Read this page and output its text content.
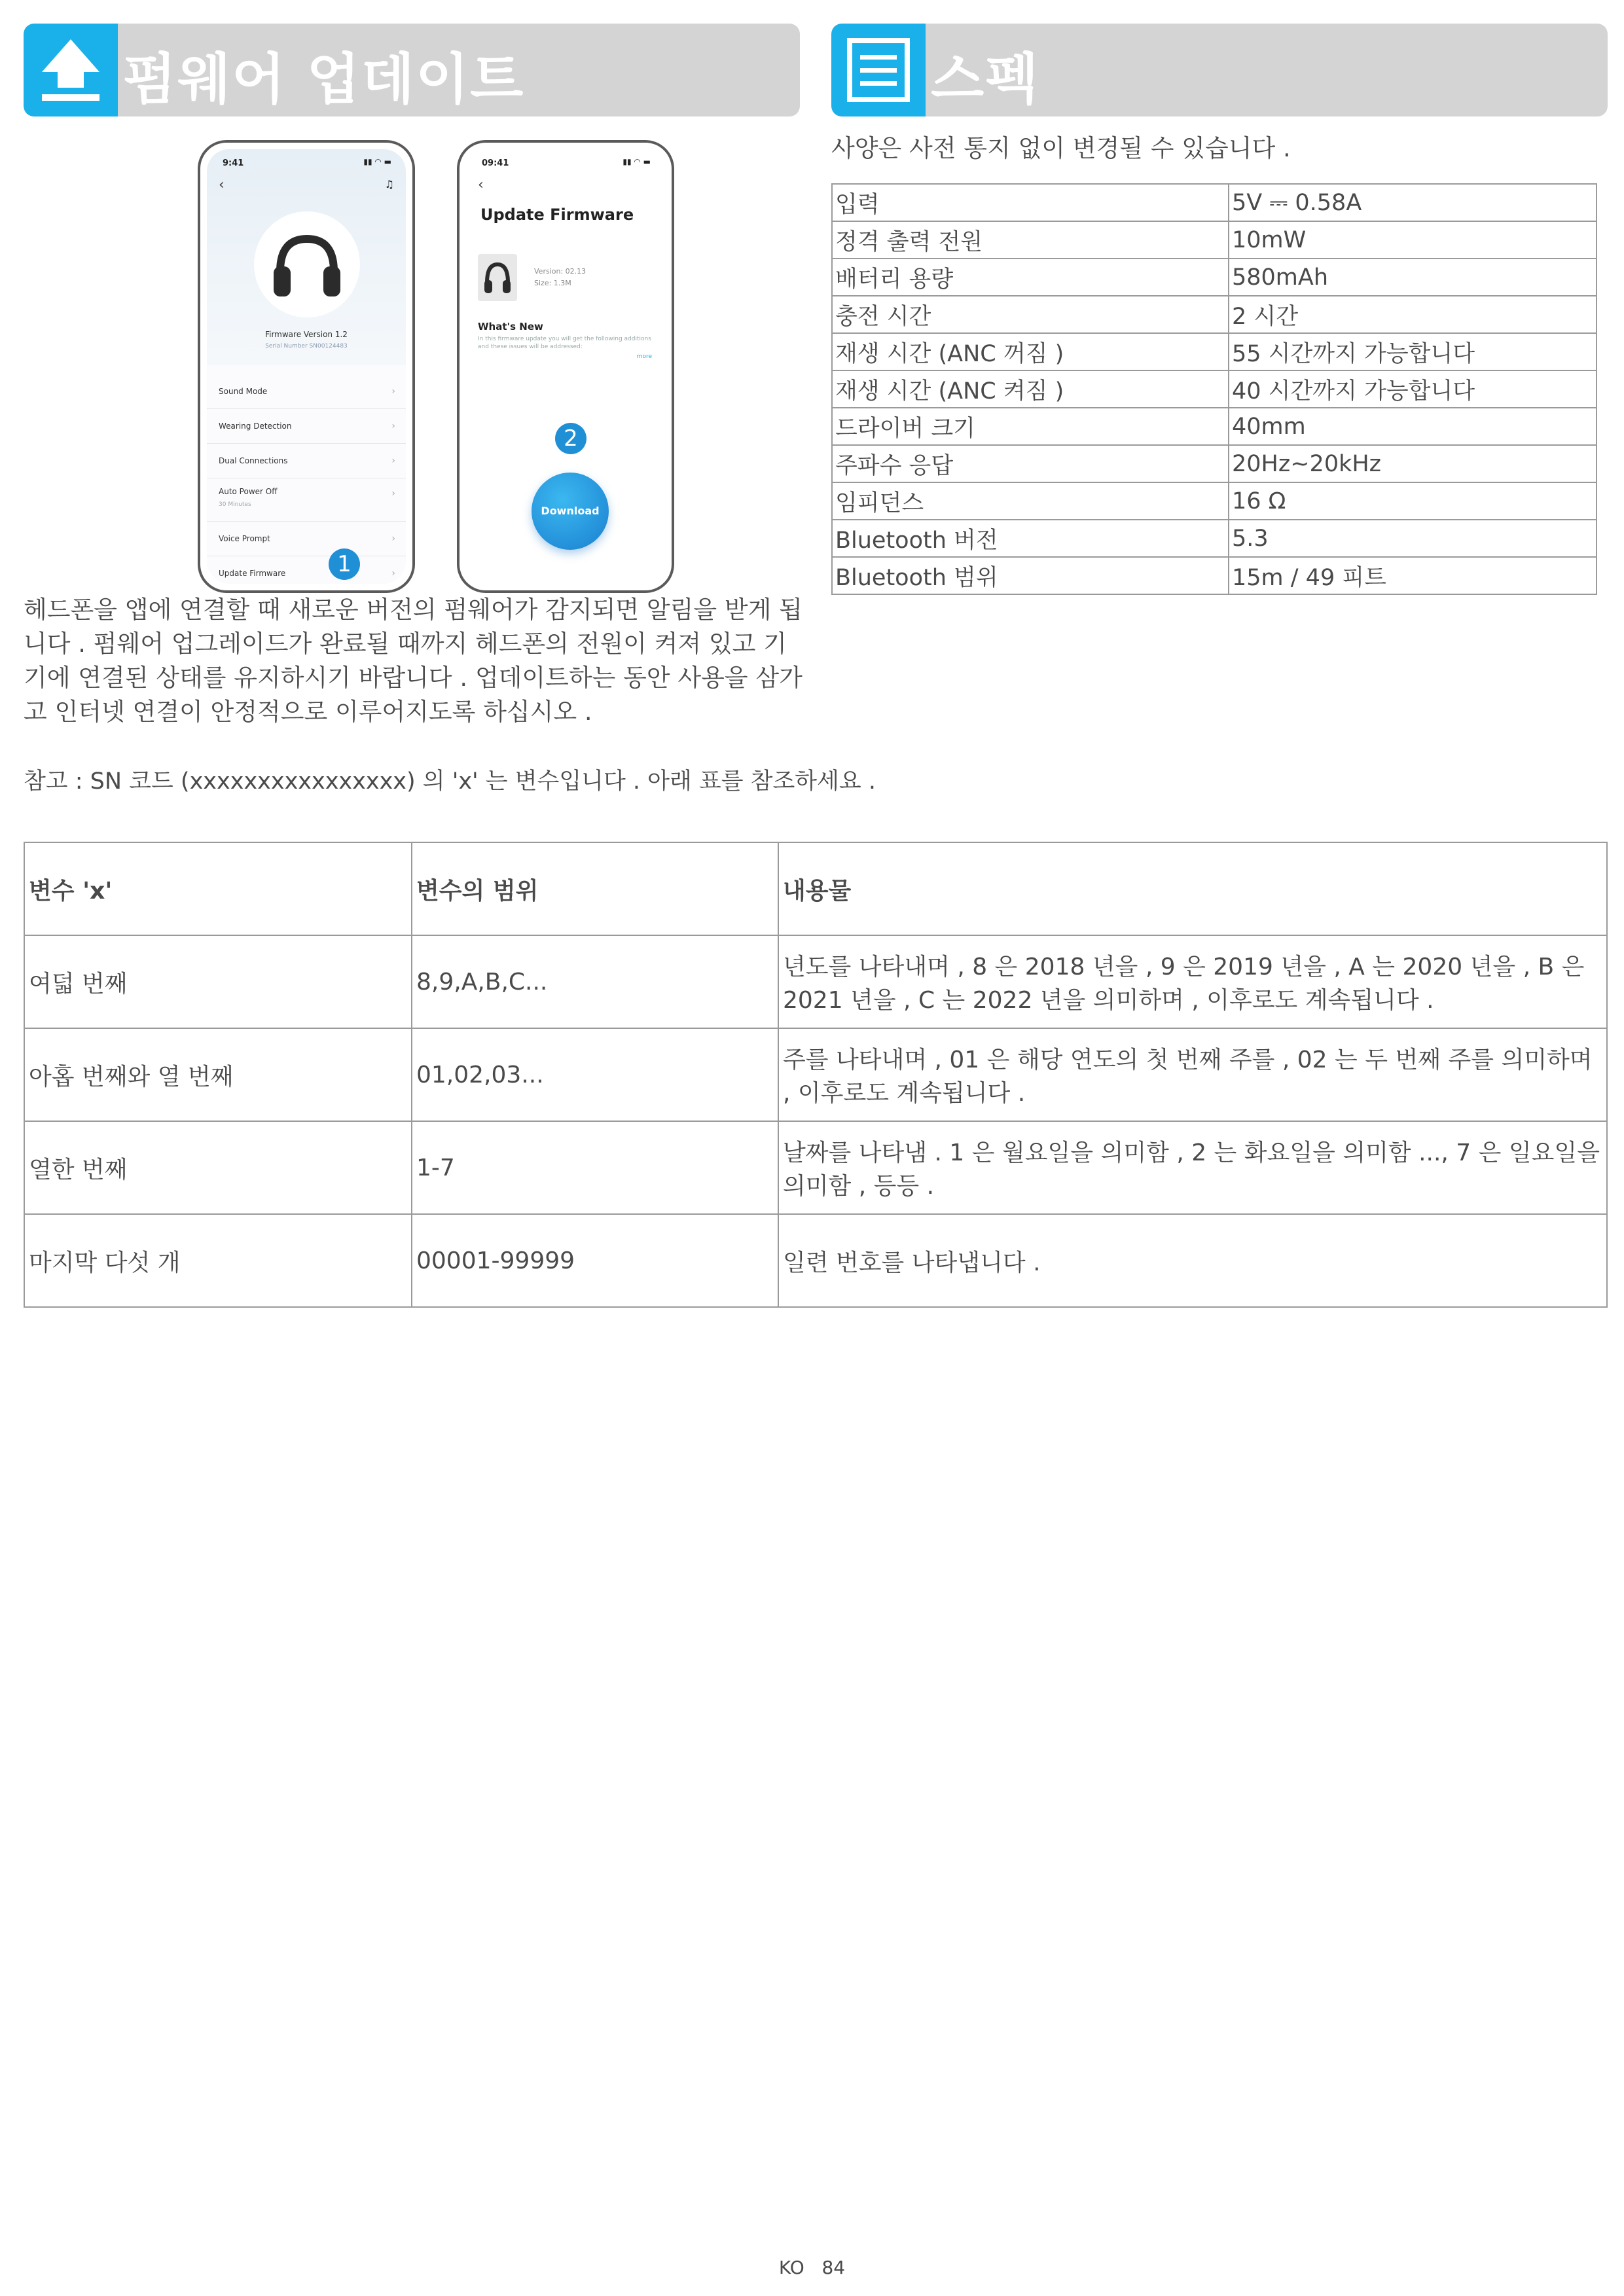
펌웨어 업데이트	스펙
9:41	▮▮ ◠ ▬
‹	♫
Firmware Version 1.2
Serial Number SN00124483
Sound Mode	›
Wearing Detection	›
Dual Connections	›
Auto Power Off
30 Minutes
›
Voice Prompt	›
Update Firmware	›
1
09:41	▮▮ ◠ ▬
‹
Update Firmware
Version: 02.13
Size: 1.3M
What's New
In this firmware update you will get the following additions and these issues will be addressed:
more
2
Download
헤드폰을 앱에 연결할 때 새로운 버전의 펌웨어가 감지되면 알림을 받게 됩니다 . 펌웨어 업그레이드가 완료될 때까지 헤드폰의 전원이 켜져 있고 기기에 연결된 상태를 유지하시기 바랍니다 . 업데이트하는 동안 사용을 삼가고 인터넷 연결이 안정적으로 이루어지도록 하십시오 .
참고 : SN 코드 (xxxxxxxxxxxxxxxx) 의 'x' 는 변수입니다 . 아래 표를 참조하세요 .
사양은 사전 통지 없이 변경될 수 있습니다 .
입력	5V ⎓ 0.58A
정격 출력 전원	10mW
배터리 용량	580mAh
충전 시간	2 시간
재생 시간 (ANC 꺼짐 )	55 시간까지 가능합니다
재생 시간 (ANC 켜짐 )	40 시간까지 가능합니다
드라이버 크기	40mm
주파수 응답	20Hz~20kHz
임피던스	16 Ω
Bluetooth 버전	5.3
Bluetooth 범위	15m / 49 피트
변수 'x'	변수의 범위	내용물
여덟 번째	8,9,A,B,C...	년도를 나타내며 , 8 은 2018 년을 , 9 은 2019 년을 , A 는 2020 년을 , B 은 2021 년을 , C 는 2022 년을 의미하며 , 이후로도 계속됩니다 .
아홉 번째와 열 번째	01,02,03...	주를 나타내며 , 01 은 해당 연도의 첫 번째 주를 , 02 는 두 번째 주를 의미하며 , 이후로도 계속됩니다 .
열한 번째	1-7	날짜를 나타냄 . 1 은 월요일을 의미함 , 2 는 화요일을 의미함 ..., 7 은 일요일을 의미함 , 등등 .
마지막 다섯 개	00001-99999	일련 번호를 나타냅니다 .
KO 84
